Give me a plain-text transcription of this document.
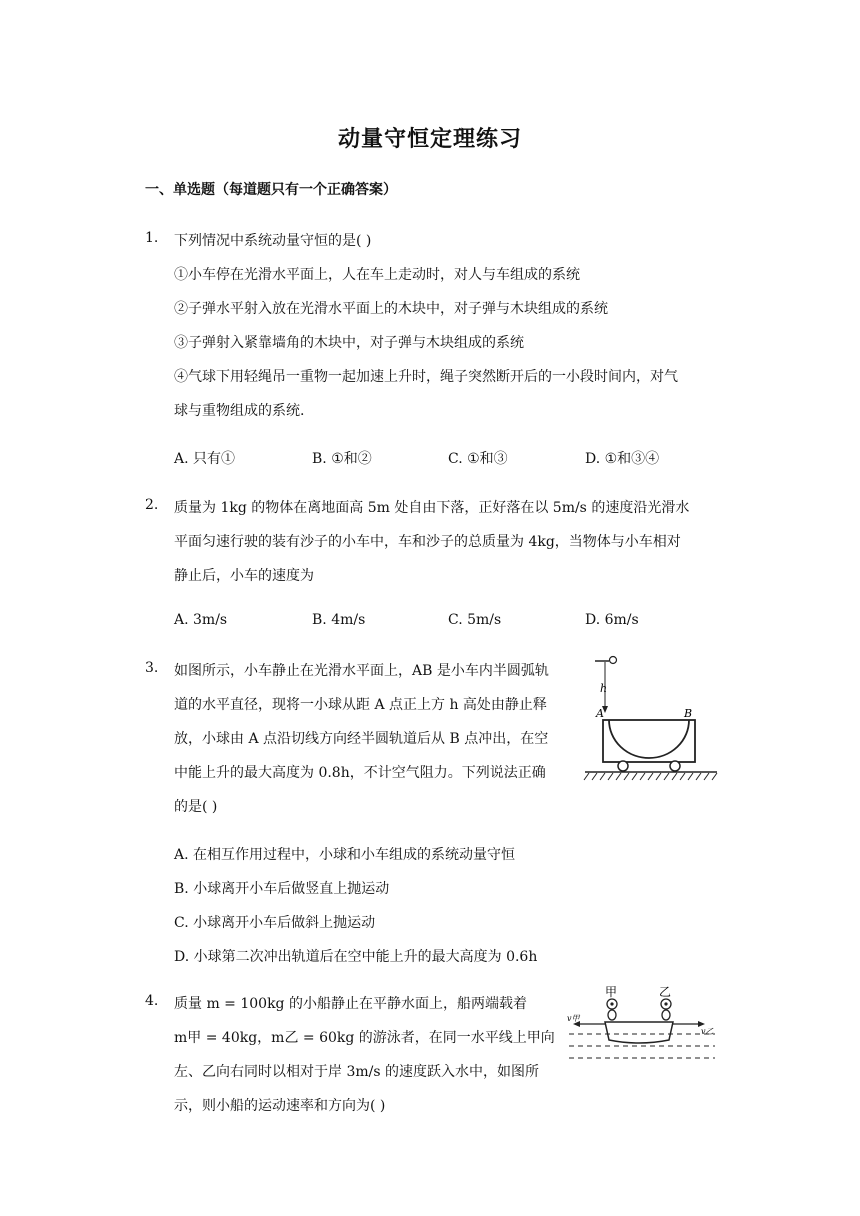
动量守恒定理练习
一、单选题（每道题只有一个正确答案）
1. 下列情况中系统动量守恒的是( )
①小车停在光滑水平面上，人在车上走动时，对人与车组成的系统
②子弹水平射入放在光滑水平面上的木块中，对子弹与木块组成的系统
③子弹射入紧靠墙角的木块中，对子弹与木块组成的系统
④气球下用轻绳吊一重物一起加速上升时，绳子突然断开后的一小段时间内，对气
球与重物组成的系统.
A. 只有①	B. ①和②	C. ①和③	D. ①和③④
2. 质量为 1kg 的物体在离地面高 5m 处自由下落，正好落在以 5m/s 的速度沿光滑水
平面匀速行驶的装有沙子的小车中，车和沙子的总质量为 4kg，当物体与小车相对
静止后，小车的速度为
A. 3m/s	B. 4m/s	C. 5m/s	D. 6m/s
3. 如图所示，小车静止在光滑水平面上，AB 是小车内半圆弧轨
道的水平直径，现将一小球从距 A 点正上方 h 高处由静止释
放，小球由 A 点沿切线方向经半圆轨道后从 B 点冲出，在空
中能上升的最大高度为 0.8h，不计空气阻力。下列说法正确
的是( )
h
A	B
A. 在相互作用过程中，小球和小车组成的系统动量守恒
B. 小球离开小车后做竖直上抛运动
C. 小球离开小车后做斜上抛运动
D. 小球第二次冲出轨道后在空中能上升的最大高度为 0.6h
4. 质量 m = 100kg 的小船静止在平静水面上，船两端载着
m甲 = 40kg，m乙 = 60kg 的游泳者，在同一水平线上甲向
左、乙向右同时以相对于岸 3m/s 的速度跃入水中，如图所
示，则小船的运动速率和方向为( )
甲	乙
v甲
v乙
